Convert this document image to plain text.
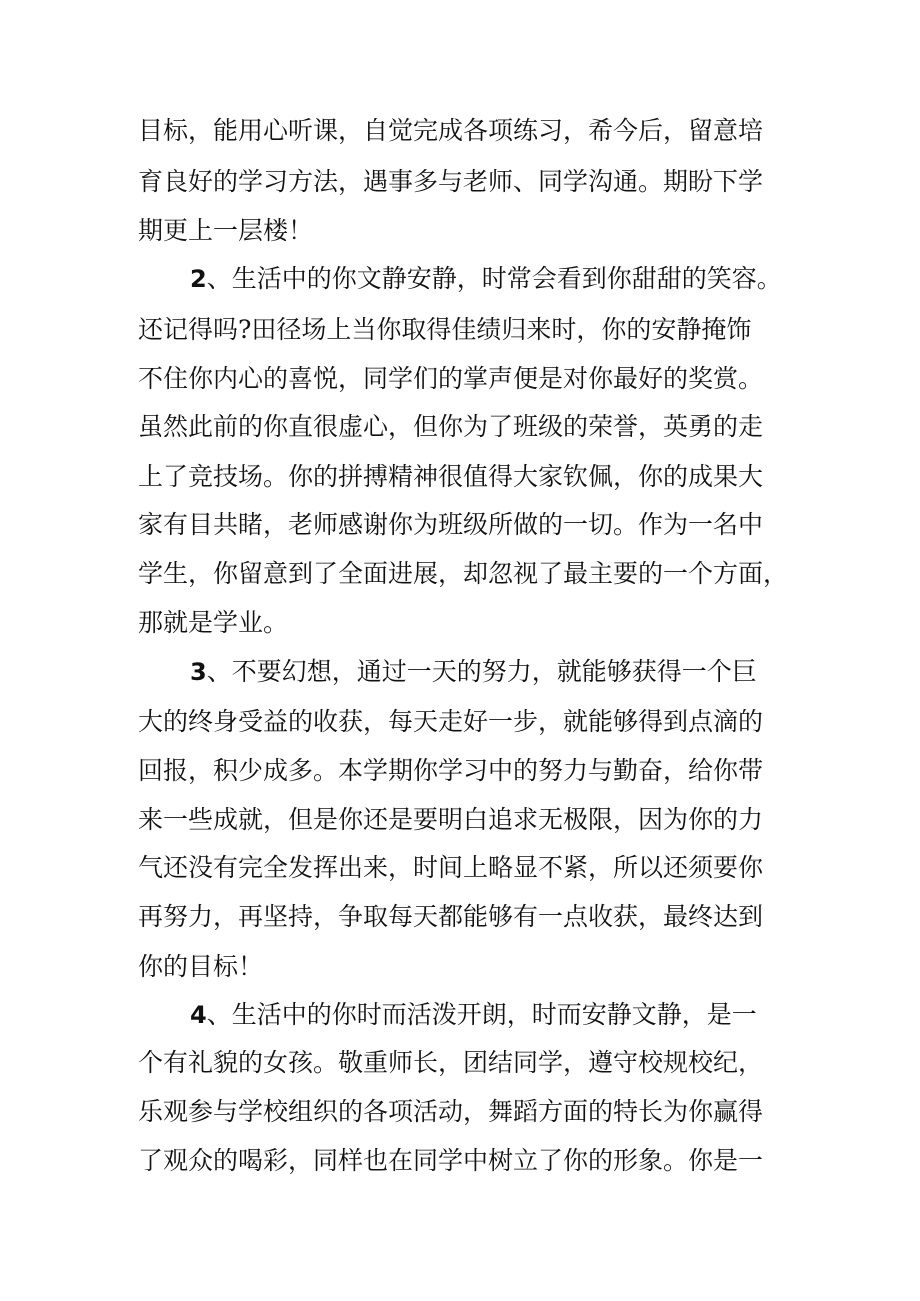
目标，能用心听课，自觉完成各项练习，希今后，留意培
育良好的学习方法，遇事多与老师、同学沟通。期盼下学
期更上一层楼！
2、生活中的你文静安静，时常会看到你甜甜的笑容。
还记得吗?田径场上当你取得佳绩归来时，你的安静掩饰
不住你内心的喜悦，同学们的掌声便是对你最好的奖赏。
虽然此前的你直很虚心，但你为了班级的荣誉，英勇的走
上了竞技场。你的拼搏精神很值得大家钦佩，你的成果大
家有目共睹，老师感谢你为班级所做的一切。作为一名中
学生，你留意到了全面进展，却忽视了最主要的一个方面，
那就是学业。
3、不要幻想，通过一天的努力，就能够获得一个巨
大的终身受益的收获，每天走好一步，就能够得到点滴的
回报，积少成多。本学期你学习中的努力与勤奋，给你带
来一些成就，但是你还是要明白追求无极限，因为你的力
气还没有完全发挥出来，时间上略显不紧，所以还须要你
再努力，再坚持，争取每天都能够有一点收获，最终达到
你的目标！
4、生活中的你时而活泼开朗，时而安静文静，是一
个有礼貌的女孩。敬重师长，团结同学，遵守校规校纪，
乐观参与学校组织的各项活动，舞蹈方面的特长为你赢得
了观众的喝彩，同样也在同学中树立了你的形象。你是一
